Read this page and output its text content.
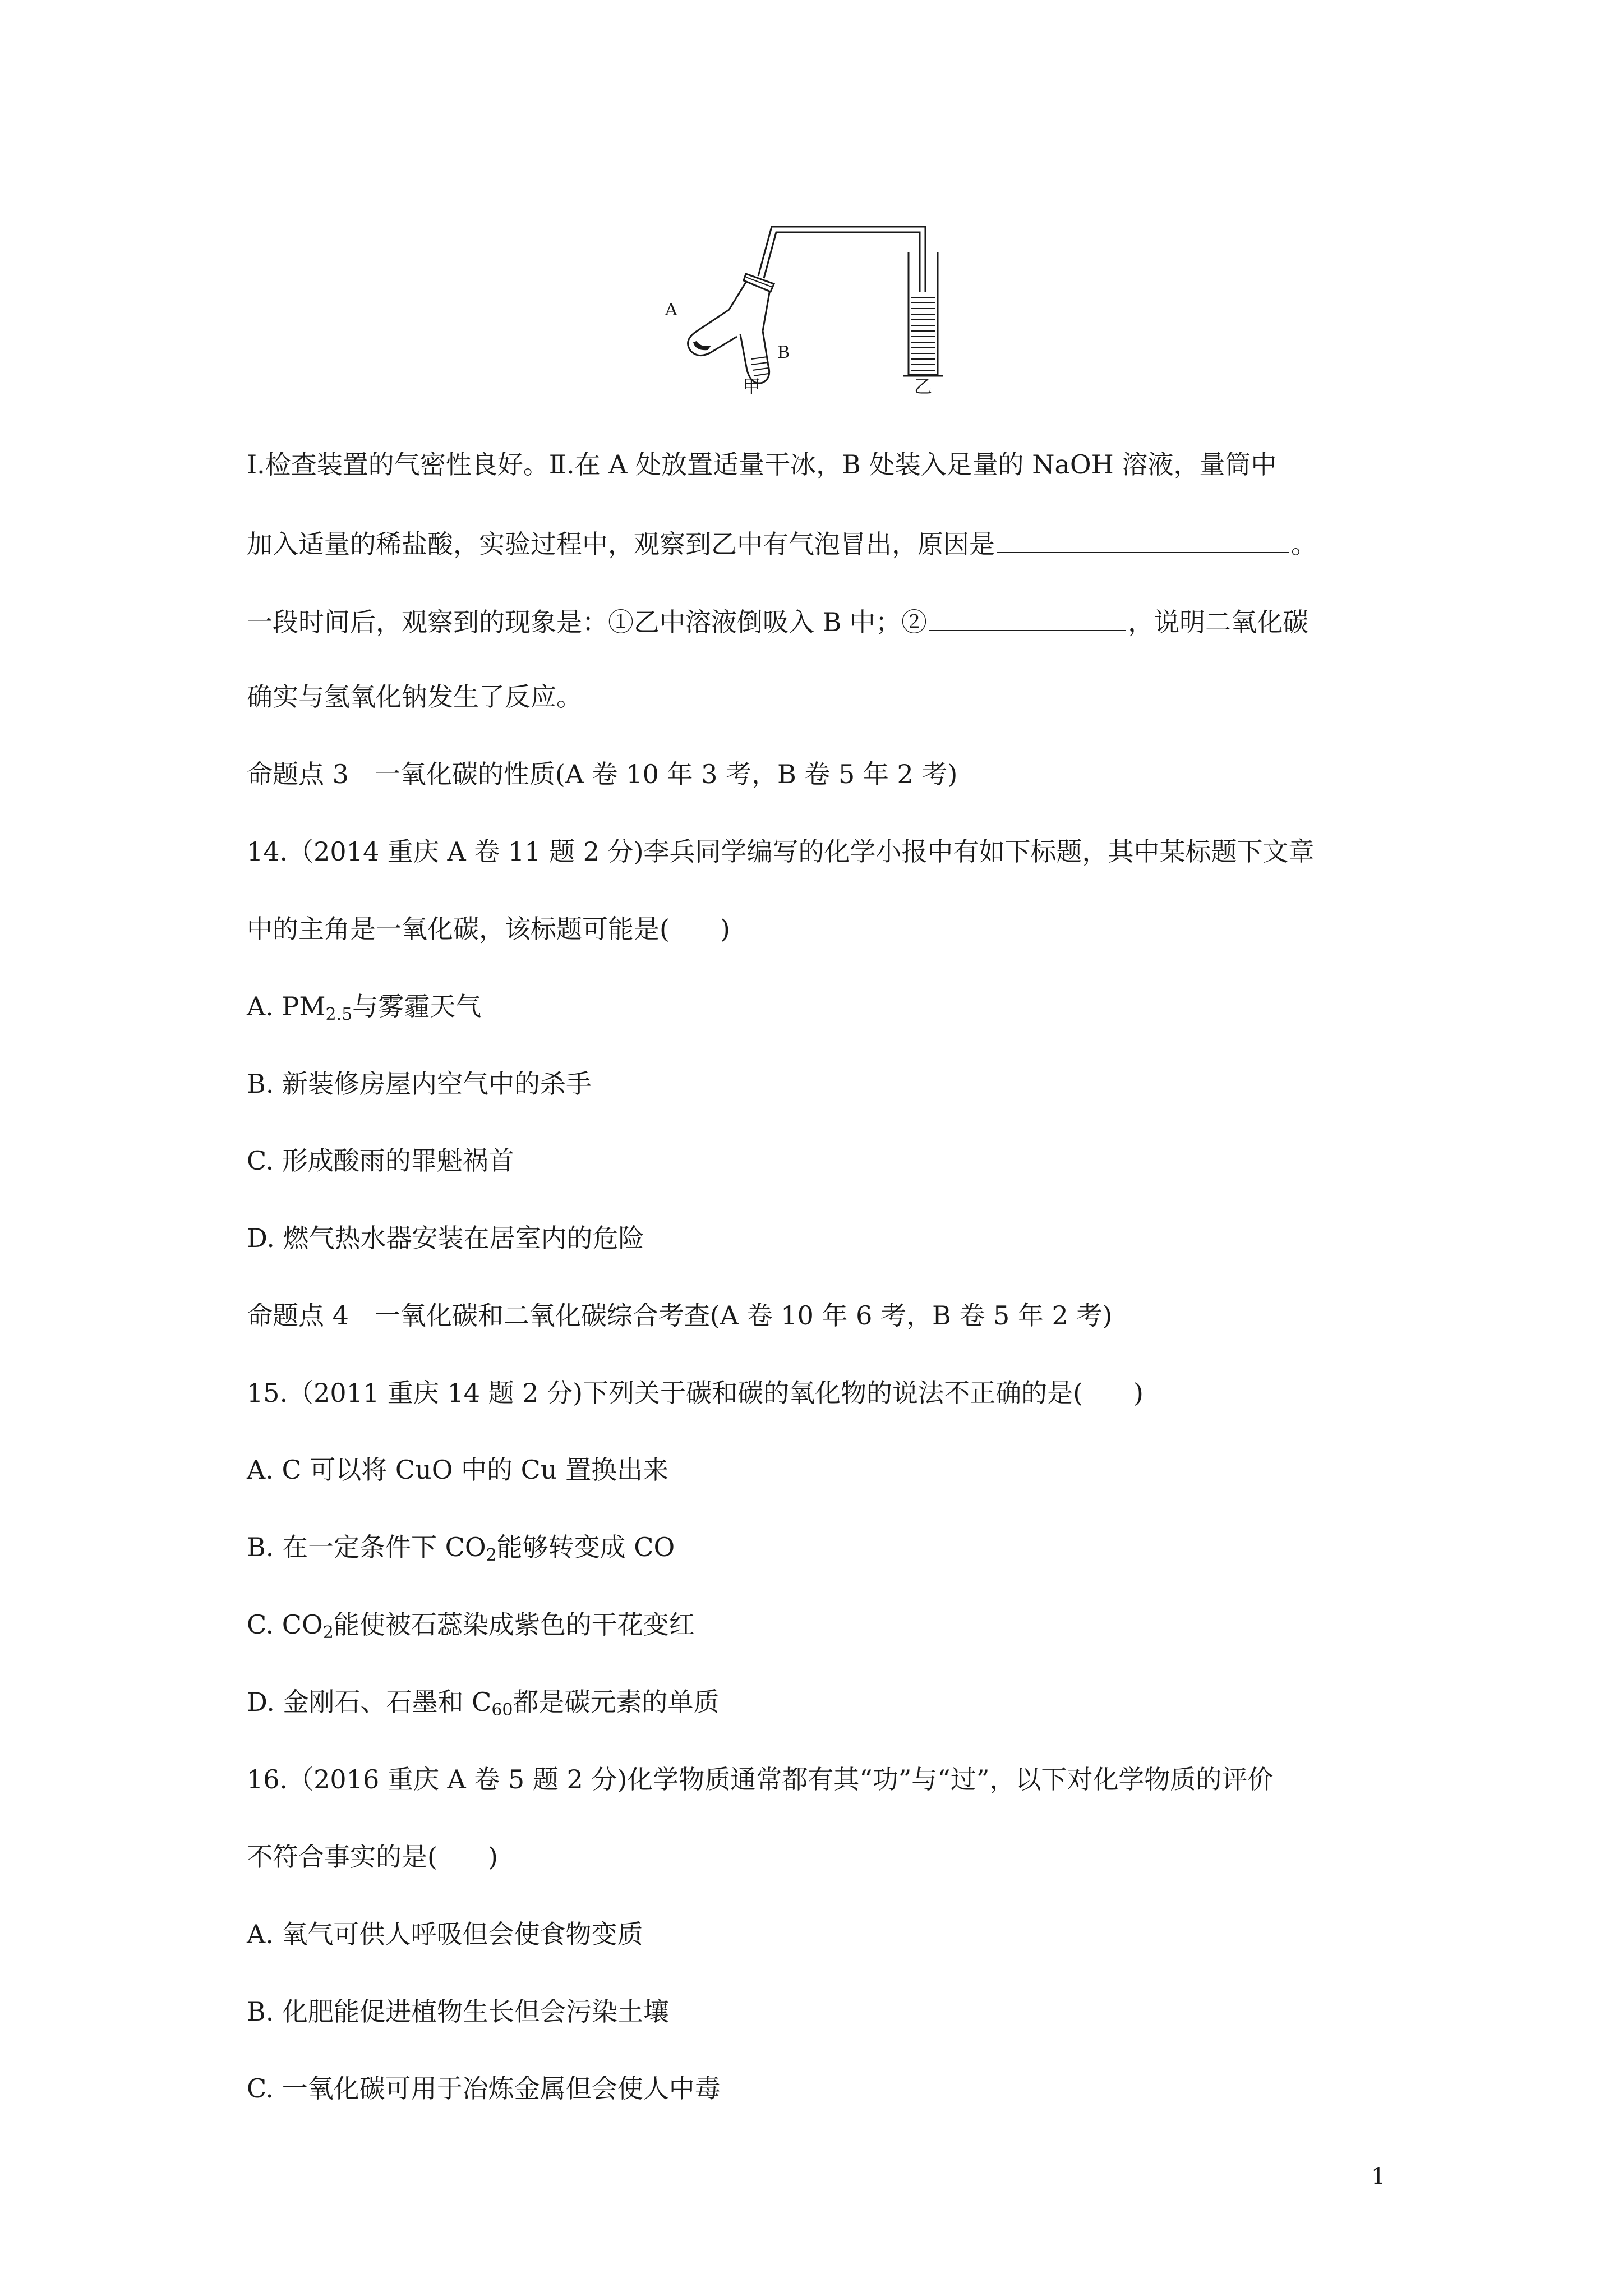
A
B
甲	乙
Ⅰ.检查装置的气密性良好。Ⅱ.在 A 处放置适量干冰，B 处装入足量的 NaOH 溶液，量筒中
加入适量的稀盐酸，实验过程中，观察到乙中有气泡冒出，原因是	。
一段时间后，观察到的现象是：①乙中溶液倒吸入 B 中；②	，说明二氧化碳
确实与氢氧化钠发生了反应。
命题点 3　一氧化碳的性质(A 卷 10 年 3 考，B 卷 5 年 2 考)
14.（2014 重庆 A 卷 11 题 2 分)李兵同学编写的化学小报中有如下标题，其中某标题下文章
中的主角是一氧化碳，该标题可能是( )
A. $PM_{2.5}$与雾霾天气
B. 新装修房屋内空气中的杀手
C. 形成酸雨的罪魁祸首
D. 燃气热水器安装在居室内的危险
命题点 4　一氧化碳和二氧化碳综合考查(A 卷 10 年 6 考，B 卷 5 年 2 考)
15.（2011 重庆 14 题 2 分)下列关于碳和碳的氧化物的说法不正确的是( )
A. C 可以将 CuO 中的 Cu 置换出来
B. 在一定条件下 $CO_2$能够转变成 CO
C. $CO_2$能使被石蕊染成紫色的干花变红
D. 金刚石、石墨和 $C_{60}$都是碳元素的单质
16.（2016 重庆 A 卷 5 题 2 分)化学物质通常都有其“功”与“过”，以下对化学物质的评价
不符合事实的是( )
A. 氧气可供人呼吸但会使食物变质
B. 化肥能促进植物生长但会污染土壤
C. 一氧化碳可用于冶炼金属但会使人中毒
1
